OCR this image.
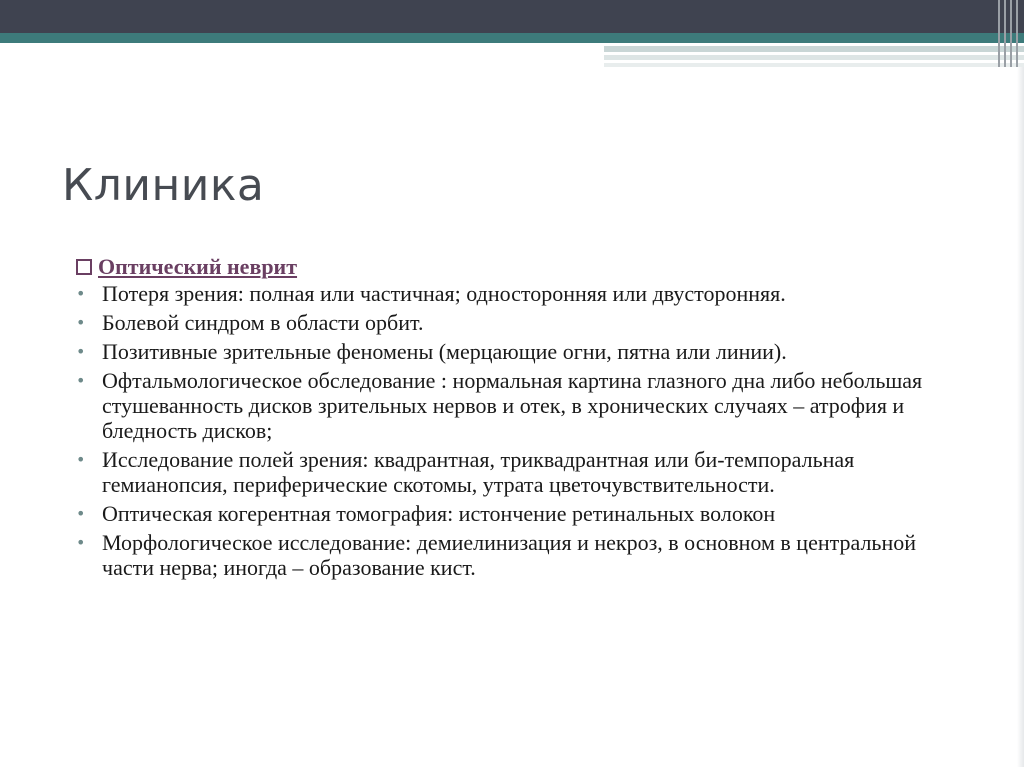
Клиника
Оптический неврит
• Потеря зрения: полная или частичная; односторонняя или двусторонняя.
• Болевой синдром в области орбит.
• Позитивные зрительные феномены (мерцающие огни, пятна или линии).
• Офтальмологическое обследование : нормальная картина глазного дна либо небольшая стушеванность дисков зрительных нервов и отек, в хронических случаях – атрофия и бледность дисков;
• Исследование полей зрения: квадрантная, триквадрантная или би-темпоральная гемианопсия, периферические скотомы, утрата цветочувствительности.
• Оптическая когерентная томография: истончение ретинальных волокон
• Морфологическое исследование: демиелинизация и некроз, в основном в центральной части нерва; иногда – образование кист.
